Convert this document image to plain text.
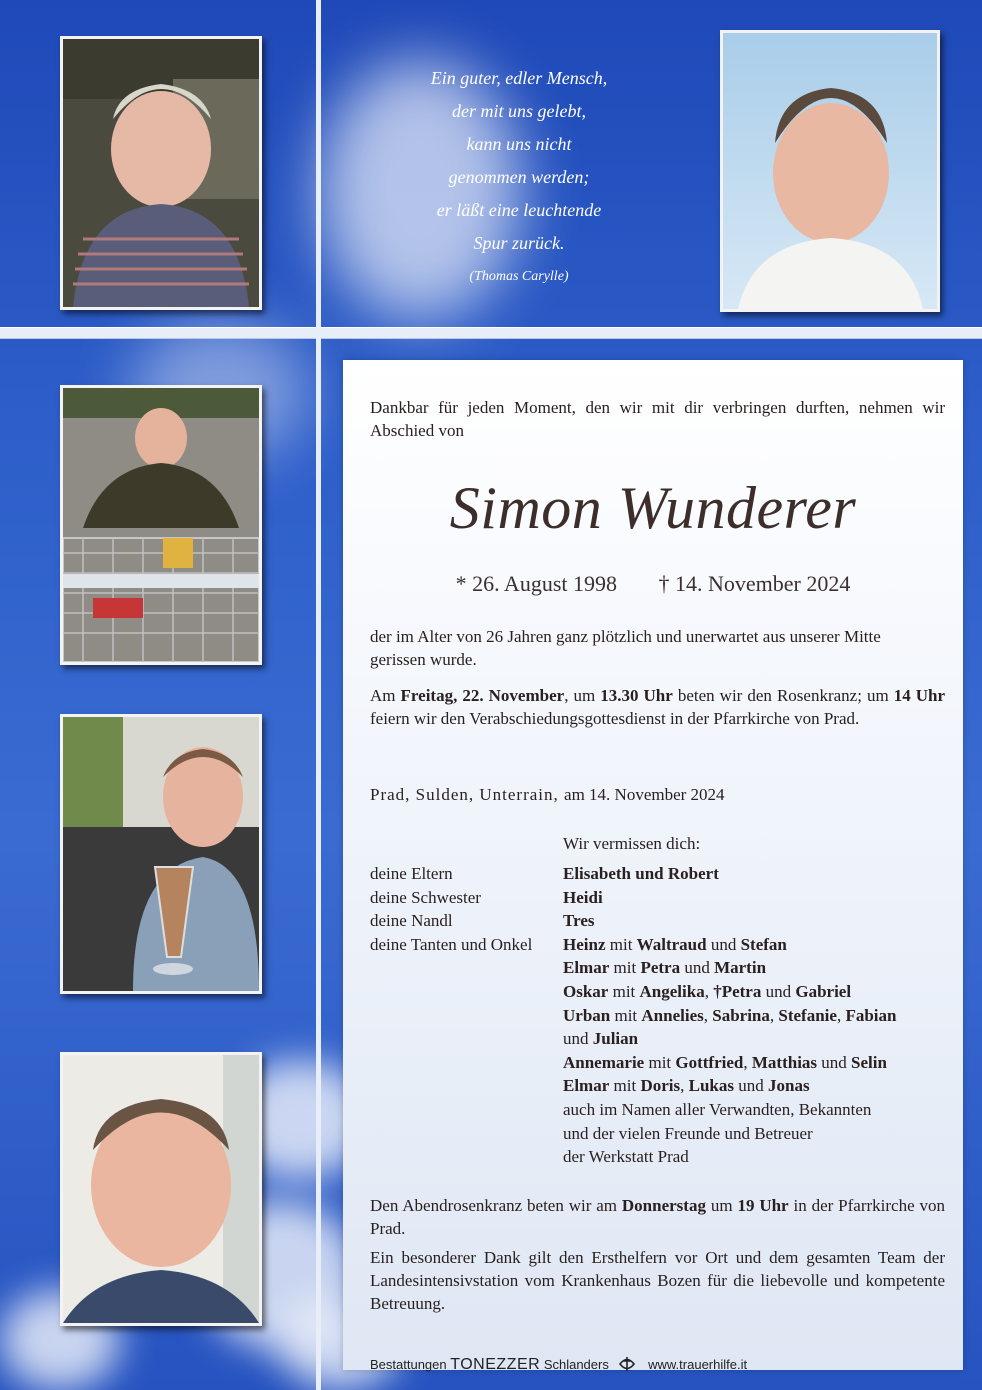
Ein guter, edler Mensch,
der mit uns gelebt,
kann uns nicht
genommen werden;
er läßt eine leuchtende
Spur zurück.
(Thomas Carylle)
Dankbar für jeden Moment, den wir mit dir verbringen durften, nehmen wir Abschied von
Simon Wunderer
* 26. August 1998 † 14. November 2024
der im Alter von 26 Jahren ganz plötzlich und unerwartet aus unserer Mitte gerissen wurde.
Am Freitag, 22. November, um 13.30 Uhr beten wir den Rosenkranz; um 14 Uhr feiern wir den Verabschiedungsgottesdienst in der Pfarrkirche von Prad.
Prad, Sulden, Unterrain, am 14. November 2024
Wir vermissen dich:
deine Eltern
deine Schwester
deine Nandl
deine Tanten und Onkel
Elisabeth und Robert
Heidi
Tres
Heinz mit Waltraud und Stefan
Elmar mit Petra und Martin
Oskar mit Angelika, †Petra und Gabriel
Urban mit Annelies, Sabrina, Stefanie, Fabian
und Julian
Annemarie mit Gottfried, Matthias und Selin
Elmar mit Doris, Lukas und Jonas
auch im Namen aller Verwandten, Bekannten
und der vielen Freunde und Betreuer
der Werkstatt Prad
Den Abendrosenkranz beten wir am Donnerstag um 19 Uhr in der Pfarrkirche von Prad.
Ein besonderer Dank gilt den Ersthelfern vor Ort und dem gesamten Team der Landesintensivstation vom Krankenhaus Bozen für die liebevolle und kompetente Betreuung.
Bestattungen TONEZZER Schlanders	www.trauerhilfe.it
